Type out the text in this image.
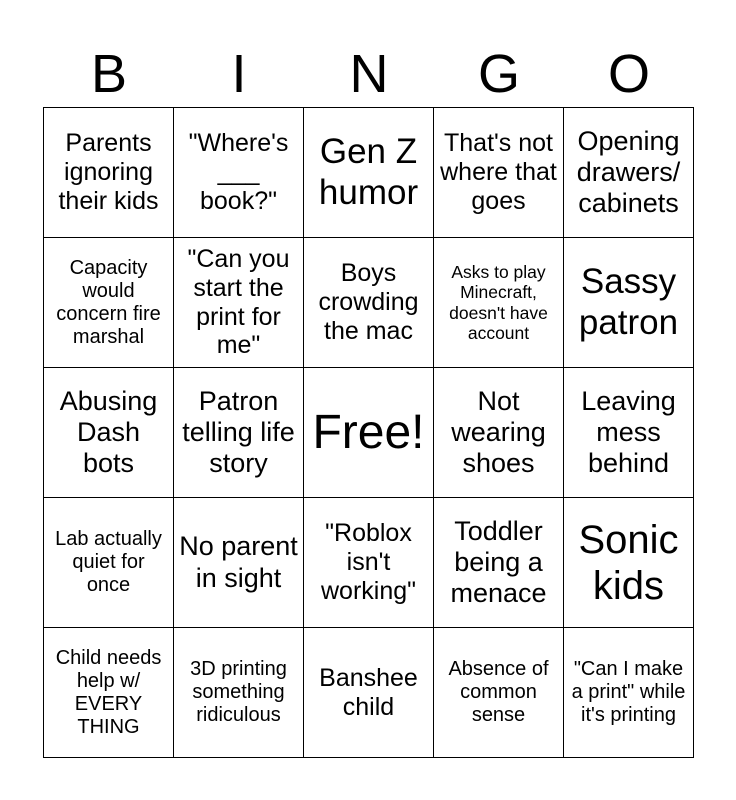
B	I	N	G	O
Parents ignoring their kids	"Where's ___ book?"	Gen Z humor	That's not where that goes	Opening drawers/ cabinets
Capacity would concern fire marshal	"Can you start the print for me"	Boys crowding the mac	Asks to play Minecraft, doesn't have account	Sassy patron
Abusing Dash bots	Patron telling life story	Free!	Not wearing shoes	Leaving mess behind
Lab actually quiet for once	No parent in sight	"Roblox isn't working"	Toddler being a menace	Sonic kids
Child needs help w/ EVERY THING	3D printing something ridiculous	Banshee child	Absence of common sense	"Can I make a print" while it's printing
